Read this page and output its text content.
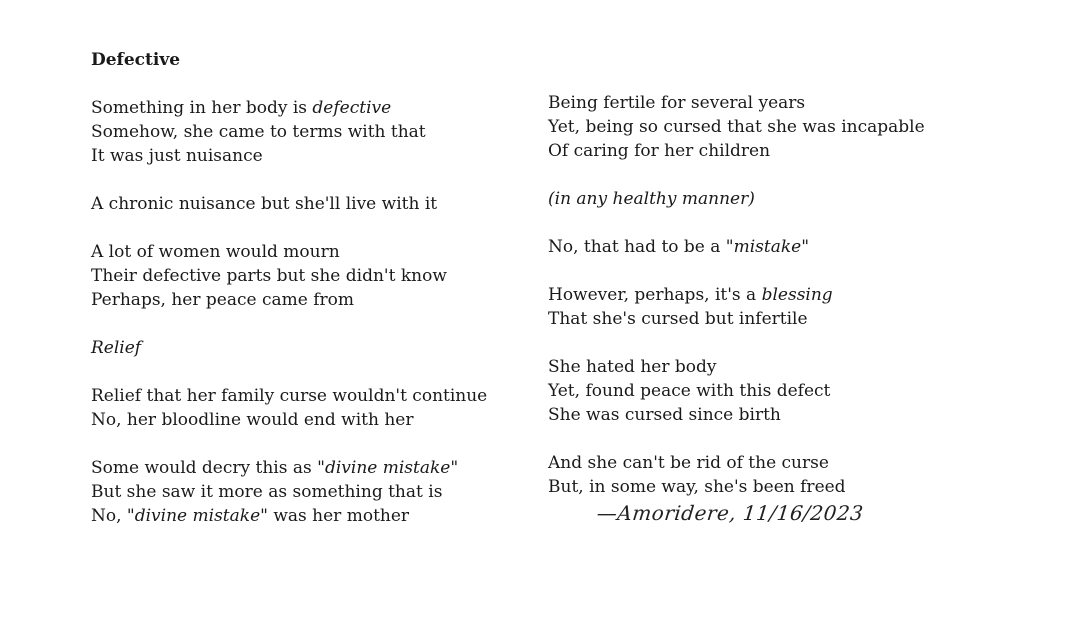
Defective
Something in her body is defective
Somehow, she came to terms with that
It was just nuisance
A chronic nuisance but she'll live with it
A lot of women would mourn
Their defective parts but she didn't know
Perhaps, her peace came from
Relief
Relief that her family curse wouldn't continue
No, her bloodline would end with her
Some would decry this as "divine mistake"
But she saw it more as something that is
No, "divine mistake" was her mother
Being fertile for several years
Yet, being so cursed that she was incapable
Of caring for her children
(in any healthy manner)
No, that had to be a "mistake"
However, perhaps, it's a blessing
That she's cursed but infertile
She hated her body
Yet, found peace with this defect
She was cursed since birth
And she can't be rid of the curse
But, in some way, she's been freed
—Amoridere, 11/16/2023
